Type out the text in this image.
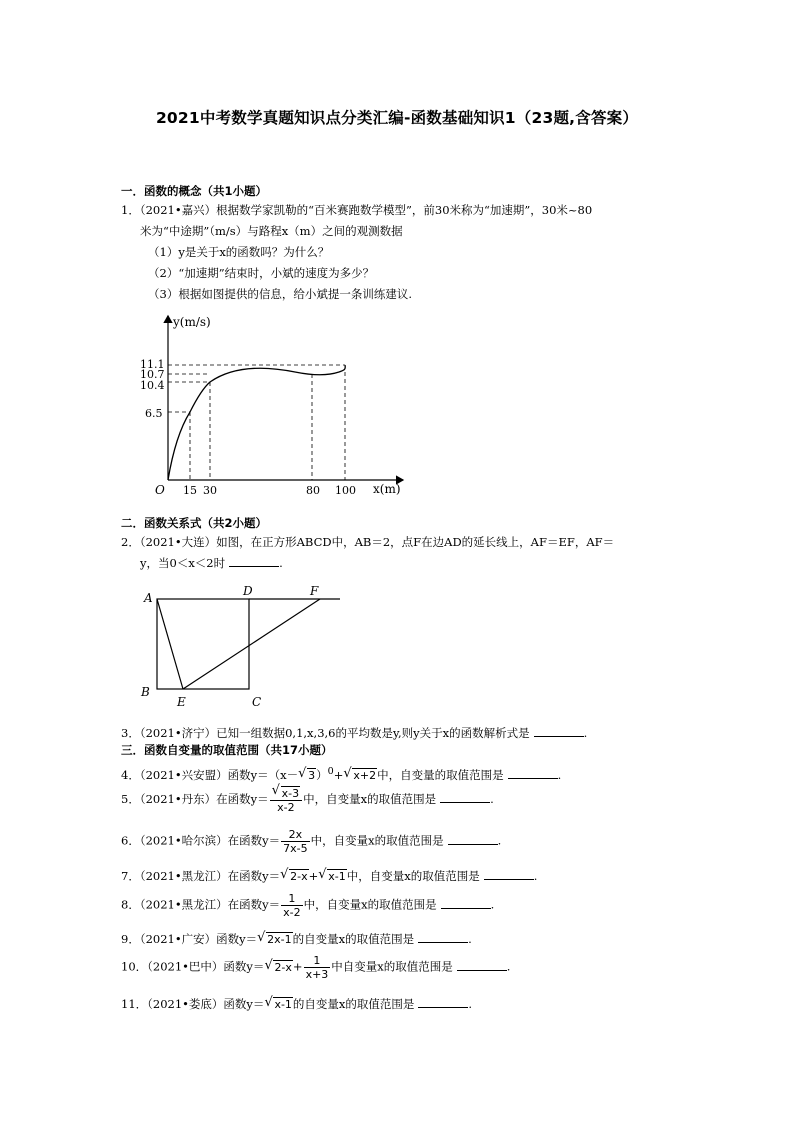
2021中考数学真题知识点分类汇编-函数基础知识1（23题,含答案）
一．函数的概念（共1小题）
1．（2021•嘉兴）根据数学家凯勒的“百米赛跑数学模型”，前30米称为“加速期”，30米~80
米为“中途期”（m/s）与路程x（m）之间的观测数据
（1）y是关于x的函数吗？为什么？
（2）“加速期”结束时，小斌的速度为多少？
（3）根据如图提供的信息，给小斌提一条训练建议.
y(m/s)
x(m)
O
11.1
10.7
10.4
6.5
15 30	80 100
二．函数关系式（共2小题）
2．（2021•大连）如图，在正方形ABCD中，AB＝2，点F在边AD的延长线上，AF＝EF，AF＝
y，当0＜x＜2时	.
A	D	F
B
E	C
3．（2021•济宁）已知一组数据0,1,x,3,6的平均数是y,则y关于x的函数解析式是	.
三．函数自变量的取值范围（共17小题）
4．（2021•兴安盟）函数y＝（x－ √ 3）$^0$+ √ x+2中，自变量的取值范围是	.
5．（2021•丹东）在函数$y= \frac{√ x-3}{x-2}$ 中，自变量x的取值范围是	.
6．（2021•哈尔滨）在函数$y= \frac{2x}{7x-5}$ 中，自变量x的取值范围是	.
7．（2021•黑龙江）在函数y＝ √ 2-x+ √ x-1中，自变量x的取值范围是	.
8．（2021•黑龙江）在函数$y= \frac{1}{x-2}$ 中，自变量x的取值范围是	.
9．（2021•广安）函数y＝ √ 2x-1的自变量x的取值范围是	.
10．（2021•巴中）函数y＝ √ $2-x+ \frac{1}{x+3}$ 中自变量x的取值范围是	.
11．（2021•娄底）函数y＝ √ x-1的自变量x的取值范围是	.
